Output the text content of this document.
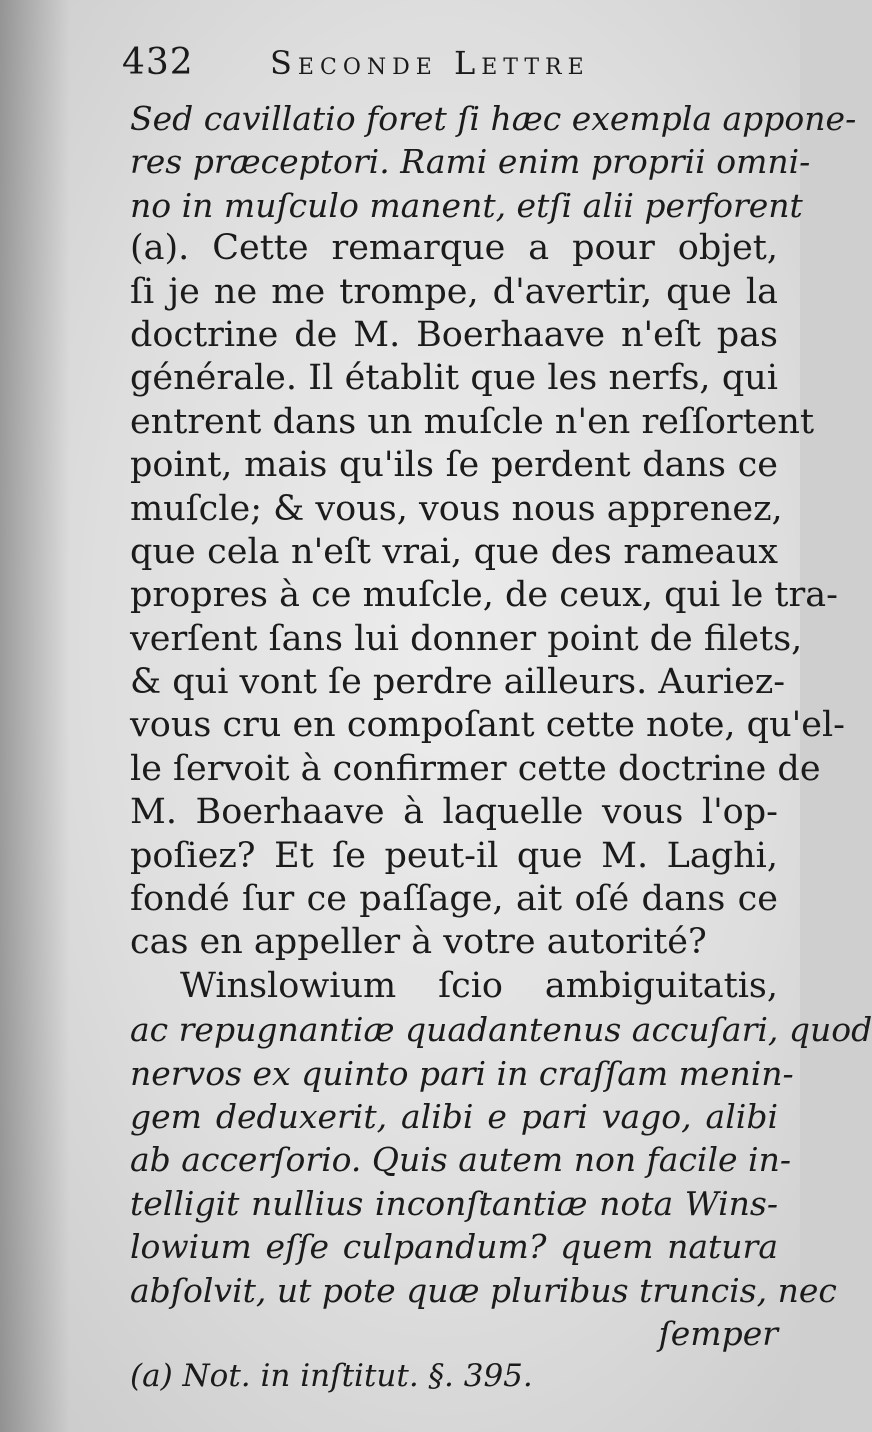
432 Seconde Lettre
Sed cavillatio foret ſi hæc exempla appone-
res præceptori. Rami enim proprii omni-
no in muſculo manent, etſi alii perforent
(a). Cette remarque a pour objet,
ſi je ne me trompe, d'avertir, que la
doctrine de M. Boerhaave n'eſt pas
générale. Il établit que les nerfs, qui
entrent dans un muſcle n'en reſſortent
point, mais qu'ils ſe perdent dans ce
muſcle; & vous, vous nous apprenez,
que cela n'eſt vrai, que des rameaux
propres à ce muſcle, de ceux, qui le tra-
verſent ſans lui donner point de filets,
& qui vont ſe perdre ailleurs. Auriez-
vous cru en compoſant cette note, qu'el-
le ſervoit à confirmer cette doctrine de
M. Boerhaave à laquelle vous l'op-
poſiez? Et ſe peut-il que M. Laghi,
fondé ſur ce paſſage, ait oſé dans ce
cas en appeller à votre autorité?
Winslowium ſcio ambiguitatis,
ac repugnantiæ quadantenus accuſari, quod
nervos ex quinto pari in craſſam menin-
gem deduxerit, alibi e pari vago, alibi
ab accerſorio. Quis autem non facile in-
telligit nullius inconſtantiæ nota Wins-
lowium eſſe culpandum? quem natura
abſolvit, ut pote quæ pluribus truncis, nec
ſemper
(a) Not. in inſtitut. §. 395.
